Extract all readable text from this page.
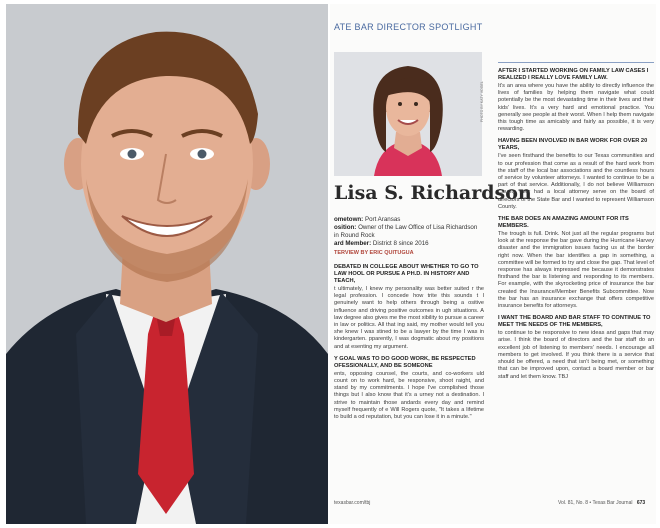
ATE BAR DIRECTOR SPOTLIGHT
PHOTO BY KATY VOGEL
Lisa S. Richardson
ometown: Port Aransas
osition: Owner of the Law Office of Lisa Richardson in Round Rock
ard Member: District 8 since 2016
TERVIEW BY ERIC QUITUGUA
DEBATED IN COLLEGE ABOUT WHETHER TO GO TO LAW HOOL OR PURSUE A PH.D. IN HISTORY AND TEACH,

t ultimately, I knew my personality was better suited r the legal profession. I concede how trite this sounds t I genuinely want to help others through being a ositive influence and driving positive outcomes in ugh situations. A law degree also gives me the most xibility to pursue a career in law or politics. All that ing said, my mother would tell you she knew I was stined to be a lawyer by the time I was in kindergarten. pparently, I was dogmatic about my positions and at esenting my argument.

Y GOAL WAS TO DO GOOD WORK, BE RESPECTED OFESSIONALLY, AND BE SOMEONE

ents, opposing counsel, the courts, and co-workers uld count on to work hard, be responsive, shoot raight, and stand by my commitments. I hope I've complished those things but I also know that it's a urney not a destination. I strive to maintain those andards every day and remind myself frequently of e Will Rogers quote, "It takes a lifetime to build a od reputation, but you can lose it in a minute."

AFTER I STARTED WORKING ON FAMILY LAW CASES I REALIZED I REALLY LOVE FAMILY LAW.

It's an area where you have the ability to directly influence the lives of families by helping them navigate what could potentially be the most devastating time in their lives and their kids' lives. It's a very hard and emotional practice. You generally see people at their worst. When I help them navigate this tough time as amicably and fairly as possible, it is very rewarding.

HAVING BEEN INVOLVED IN BAR WORK FOR OVER 20 YEARS,

I've seen firsthand the benefits to our Texas communities and to our profession that come as a result of the hard work from the staff of the local bar associations and the countless hours of service by volunteer attorneys. I wanted to continue to be a part of that service. Additionally, I do not believe Williamson County ever had a local attorney serve on the board of directors of the State Bar and I wanted to represent Williamson County.

THE BAR DOES AN AMAZING AMOUNT FOR ITS MEMBERS.

The trough is full. Drink. Not just all the regular programs but look at the response the bar gave during the Hurricane Harvey disaster and the immigration issues facing us at the border right now. When the bar identifies a gap in something, a committee will be formed to try and close the gap. That level of response has always impressed me because it demonstrates firsthand the bar is listening and responding to its members. For example, with the skyrocketing price of insurance the bar created the Insurance/Member Benefits Subcommittee. Now the bar has an insurance exchange that offers competitive insurance benefits for attorneys.

I WANT THE BOARD AND BAR STAFF TO CONTINUE TO MEET THE NEEDS OF THE MEMBERS,

to continue to be responsive to new ideas and gaps that may arise. I think the board of directors and the bar staff do an excellent job of listening to members' needs. I encourage all members to get involved. If you think there is a service that should be offered, a need that isn't being met, or something that can be improved upon, contact a board member or bar staff and let them know. TBJ

texasbar.com/tbj	Vol. 81, No. 8 • Texas Bar Journal 673
